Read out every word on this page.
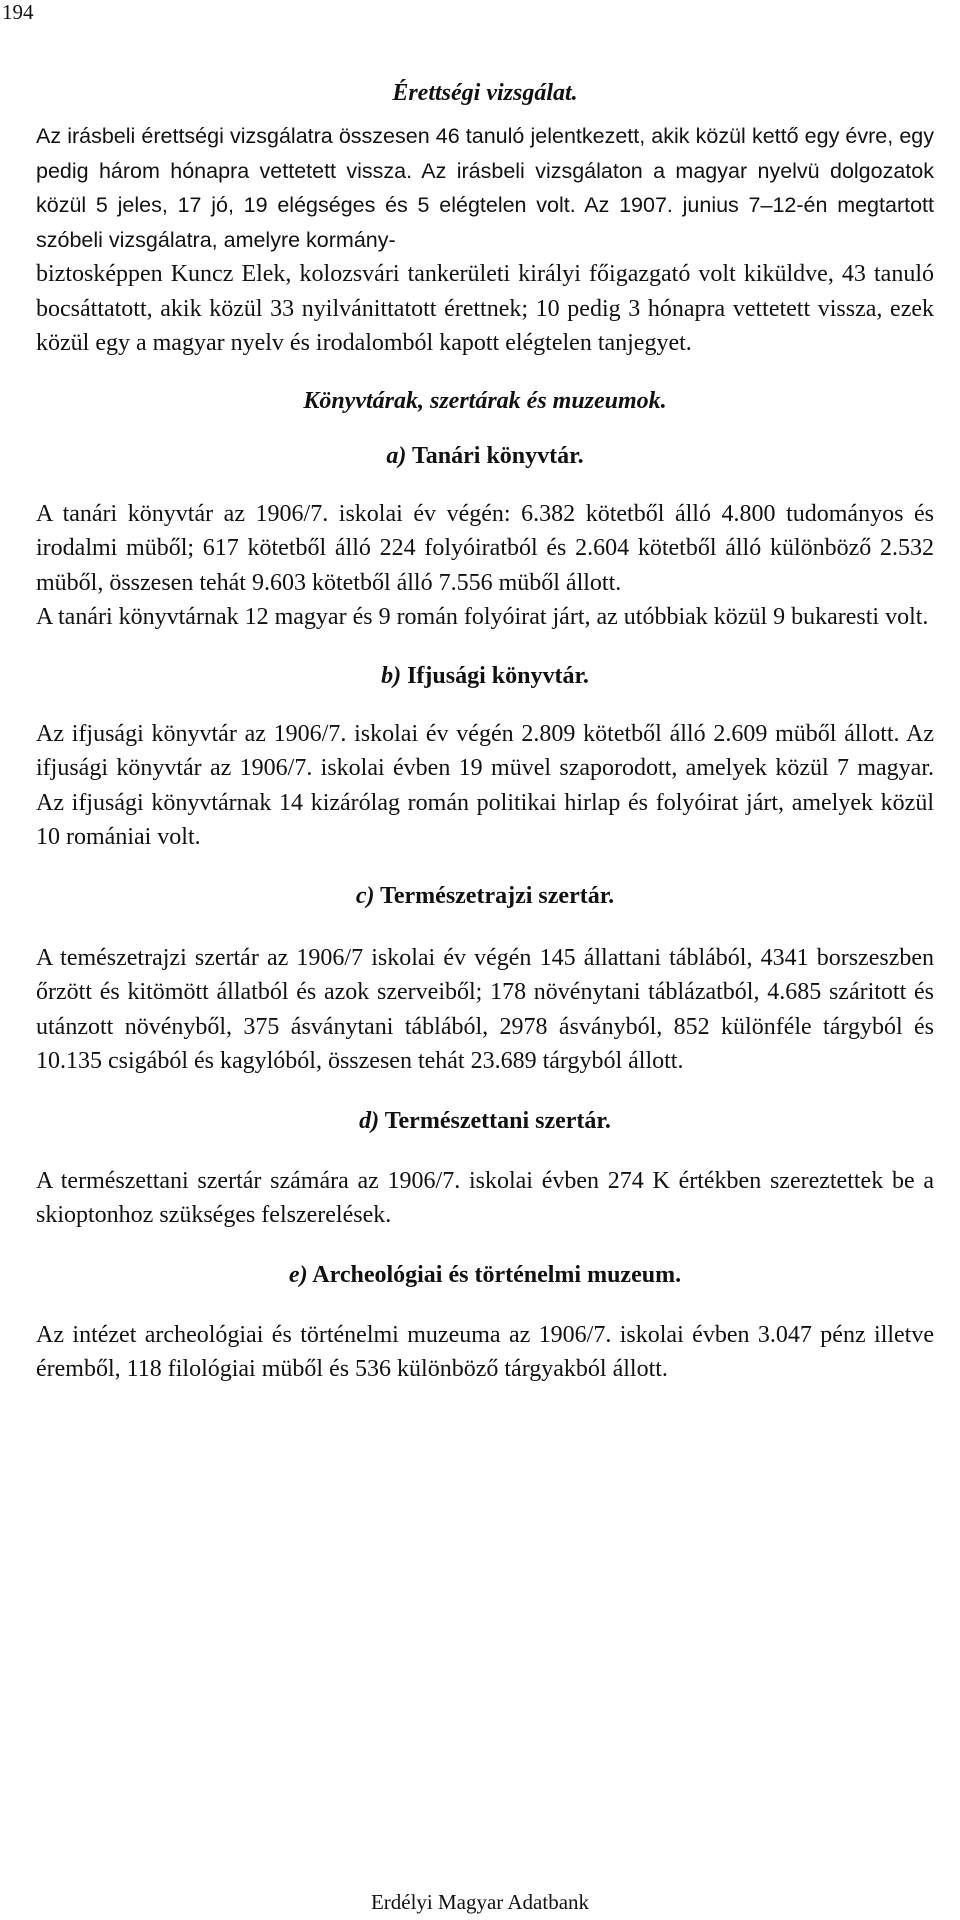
194
Érettségi vizsgálat.

Az irásbeli érettségi vizsgálatra összesen 46 tanuló jelentkezett, akik közül kettő egy évre, egy pedig három hónapra vettetett vissza. Az irásbeli vizsgálaton a magyar nyelvü dolgozatok közül 5 jeles, 17 jó, 19 elégséges és 5 elégtelen volt. Az 1907. junius 7–12-én megtartott szóbeli vizsgálatra, amelyre kormány-

biztosképpen Kuncz Elek, kolozsvári tankerületi királyi főigazgató volt kiküldve, 43 tanuló bocsáttatott, akik közül 33 nyilvánittatott érettnek; 10 pedig 3 hónapra vettetett vissza, ezek közül egy a magyar nyelv és irodalomból kapott elégtelen tanjegyet.

Könyvtárak, szertárak és muzeumok.
a) Tanári könyvtár.

A tanári könyvtár az 1906/7. iskolai év végén: 6.382 kötetből álló 4.800 tudományos és irodalmi müből; 617 kötetből álló 224 folyóiratból és 2.604 kötetből álló különböző 2.532 müből, összesen tehát 9.603 kötetből álló 7.556 müből állott.

A tanári könyvtárnak 12 magyar és 9 román folyóirat járt, az utóbbiak közül 9 bukaresti volt.

b) Ifjusági könyvtár.

Az ifjusági könyvtár az 1906/7. iskolai év végén 2.809 kötetből álló 2.609 müből állott. Az ifjusági könyvtár az 1906/7. iskolai évben 19 müvel szaporodott, amelyek közül 7 magyar. Az ifjusági könyvtárnak 14 kizárólag román politikai hirlap és folyóirat járt, amelyek közül 10 romániai volt.

c) Természetrajzi szertár.

A temészetrajzi szertár az 1906/7 iskolai év végén 145 állattani táblából, 4341 borszeszben őrzött és kitömött állatból és azok szerveiből; 178 növénytani táblázatból, 4.685 száritott és utánzott növényből, 375 ásványtani táblából, 2978 ásványból, 852 különféle tárgyból és 10.135 csigából és kagylóból, összesen tehát 23.689 tárgyból állott.

d) Természettani szertár.

A természettani szertár számára az 1906/7. iskolai évben 274 K értékben szereztettek be a skioptonhoz szükséges felszerelések.

e) Archeológiai és történelmi muzeum.

Az intézet archeológiai és történelmi muzeuma az 1906/7. iskolai évben 3.047 pénz illetve éremből, 118 filológiai müből és 536 különböző tárgyakból állott.

Erdélyi Magyar Adatbank
